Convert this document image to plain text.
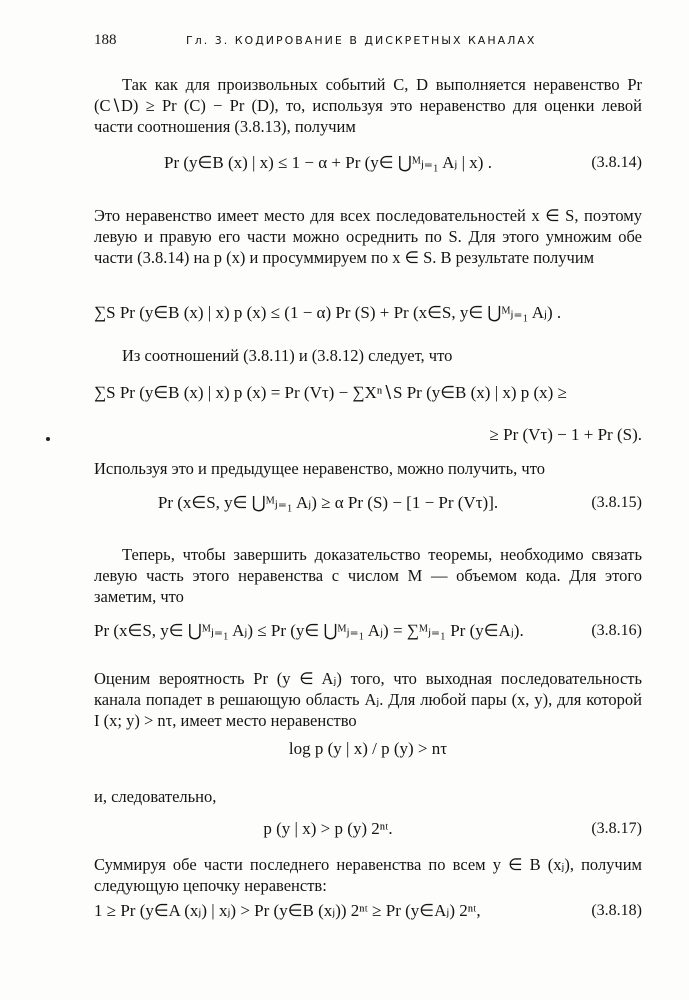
188	Гл. 3. КОДИРОВАНИЕ В ДИСКРЕТНЫХ КАНАЛАХ
Так как для произвольных событий C, D выполняется неравенство Pr (C∖D) ≥ Pr (C) − Pr (D), то, используя это неравенство для оценки левой части соотношения (3.8.13), получим
Pr (y∈B (x) | x) ≤ 1 − α + Pr (y∈ ⋃ᴹⱼ₌₁ Aⱼ | x) .	(3.8.14)
Это неравенство имеет место для всех последовательностей x ∈ S, поэтому левую и правую его части можно осреднить по S. Для этого умножим обе части (3.8.14) на p (x) и просуммируем по x ∈ S. В результате получим
∑S Pr (y∈B (x) | x) p (x) ≤ (1 − α) Pr (S) + Pr (x∈S, y∈ ⋃ᴹⱼ₌₁ Aⱼ) .
Из соотношений (3.8.11) и (3.8.12) следует, что
∑S Pr (y∈B (x) | x) p (x) = Pr (Vτ) − ∑Xⁿ∖S Pr (y∈B (x) | x) p (x) ≥
≥ Pr (Vτ) − 1 + Pr (S).
Используя это и предыдущее неравенство, можно получить, что
Pr (x∈S, y∈ ⋃ᴹⱼ₌₁ Aⱼ) ≥ α Pr (S) − [1 − Pr (Vτ)].	(3.8.15)
Теперь, чтобы завершить доказательство теоремы, необходимо связать левую часть этого неравенства с числом M — объемом кода. Для этого заметим, что
Pr (x∈S, y∈ ⋃ᴹⱼ₌₁ Aⱼ) ≤ Pr (y∈ ⋃ᴹⱼ₌₁ Aⱼ) = ∑ᴹⱼ₌₁ Pr (y∈Aⱼ).	(3.8.16)
Оценим вероятность Pr (y ∈ Aⱼ) того, что выходная последовательность канала попадет в решающую область Aⱼ. Для любой пары (x, y), для которой I (x; y) > nτ, имеет место неравенство
log p (y | x) / p (y) > nτ
и, следовательно,
p (y | x) > p (y) 2ⁿᵗ.	(3.8.17)
Суммируя обе части последнего неравенства по всем y ∈ B (xⱼ), получим следующую цепочку неравенств:
1 ≥ Pr (y∈A (xⱼ) | xⱼ) > Pr (y∈B (xⱼ)) 2ⁿᵗ ≥ Pr (y∈Aⱼ) 2ⁿᵗ,	(3.8.18)
